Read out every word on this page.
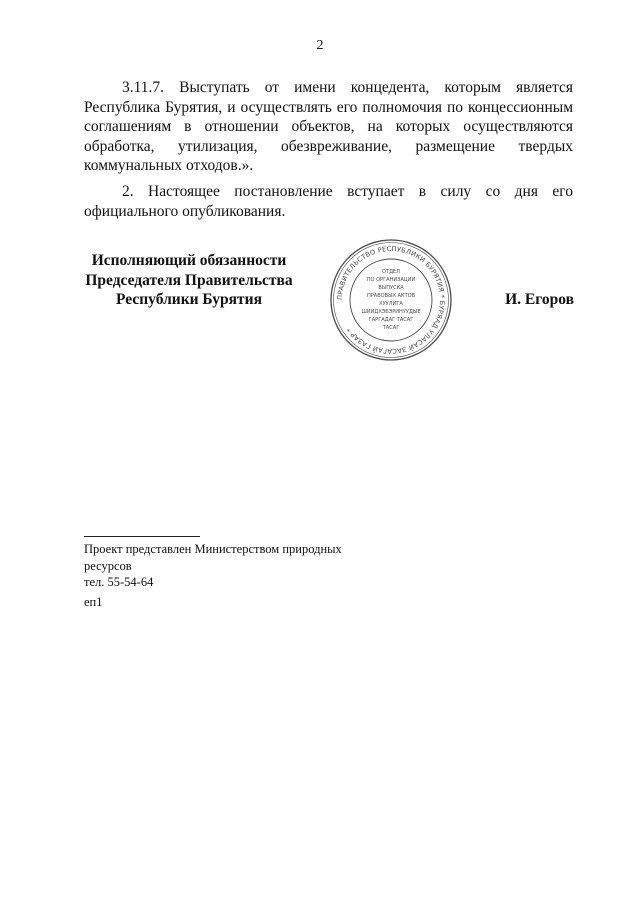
2
3.11.7. Выступать от имени концедента, которым является Республика Бурятия, и осуществлять его полномочия по концессионным соглашениям в отношении объектов, на которых осуществляются обработка, утилизация, обезвреживание, размещение твердых коммунальных отходов.».
2. Настоящее постановление вступает в силу со дня его официального опубликования.
Исполняющий обязанности
Председателя Правительства
Республики Бурятия	ПРАВИТЕЛЬСТВО РЕСПУБЛИКИ БУРЯТИЯ * БУРЯАД УЛАСАЙ ЗАСАГАЙ ГАЗАР *
ОТДЕЛ
ПО ОРГАНИЗАЦИИ
ВЫПУСКА
ПРАВОВЫХ АКТОВ
ХУУЛИТА
ШИИДХЭБЭРИНУУДЫЕ
ГАРГАДАГ ТАСАГ
ТАСАГ
И. Егоров
Проект представлен Министерством природных ресурсов
тел. 55-54-64
еп1
